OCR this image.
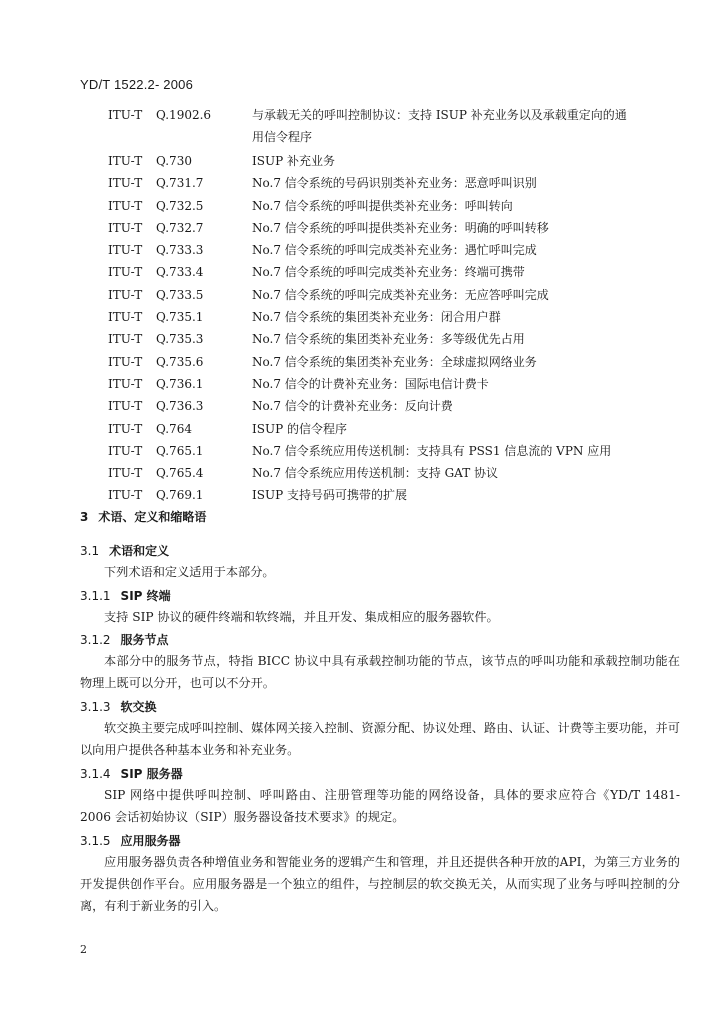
YD/T 1522.2- 2006
ITU-T Q.1902.6	与承载无关的呼叫控制协议：支持 ISUP 补充业务以及承载重定向的通
用信令程序
ITU-T Q.730	ISUP 补充业务
ITU-T Q.731.7	No.7 信令系统的号码识别类补充业务：恶意呼叫识别
ITU-T Q.732.5	No.7 信令系统的呼叫提供类补充业务：呼叫转向
ITU-T Q.732.7	No.7 信令系统的呼叫提供类补充业务：明确的呼叫转移
ITU-T Q.733.3	No.7 信令系统的呼叫完成类补充业务：遇忙呼叫完成
ITU-T Q.733.4	No.7 信令系统的呼叫完成类补充业务：终端可携带
ITU-T Q.733.5	No.7 信令系统的呼叫完成类补充业务：无应答呼叫完成
ITU-T Q.735.1	No.7 信令系统的集团类补充业务：闭合用户群
ITU-T Q.735.3	No.7 信令系统的集团类补充业务：多等级优先占用
ITU-T Q.735.6	No.7 信令系统的集团类补充业务：全球虚拟网络业务
ITU-T Q.736.1	No.7 信令的计费补充业务：国际电信计费卡
ITU-T Q.736.3	No.7 信令的计费补充业务：反向计费
ITU-T Q.764	ISUP 的信令程序
ITU-T Q.765.1	No.7 信令系统应用传送机制：支持具有 PSS1 信息流的 VPN 应用
ITU-T Q.765.4	No.7 信令系统应用传送机制：支持 GAT 协议
ITU-T Q.769.1	ISUP 支持号码可携带的扩展
3 术语、定义和缩略语
3.1 术语和定义
下列术语和定义适用于本部分。
3.1.1 SIP 终端
支持 SIP 协议的硬件终端和软终端，并且开发、集成相应的服务器软件。
3.1.2 服务节点
本部分中的服务节点，特指 BICC 协议中具有承载控制功能的节点，该节点的呼叫功能和承载控制功能在物理上既可以分开，也可以不分开。
3.1.3 软交换
软交换主要完成呼叫控制、媒体网关接入控制、资源分配、协议处理、路由、认证、计费等主要功能，并可以向用户提供各种基本业务和补充业务。
3.1.4 SIP 服务器
SIP 网络中提供呼叫控制、呼叫路由、注册管理等功能的网络设备，具体的要求应符合《YD/T 1481-2006 会话初始协议（SIP）服务器设备技术要求》的规定。
3.1.5 应用服务器
应用服务器负责各种增值业务和智能业务的逻辑产生和管理，并且还提供各种开放的API，为第三方业务的开发提供创作平台。应用服务器是一个独立的组件，与控制层的软交换无关，从而实现了业务与呼叫控制的分离，有利于新业务的引入。
2
